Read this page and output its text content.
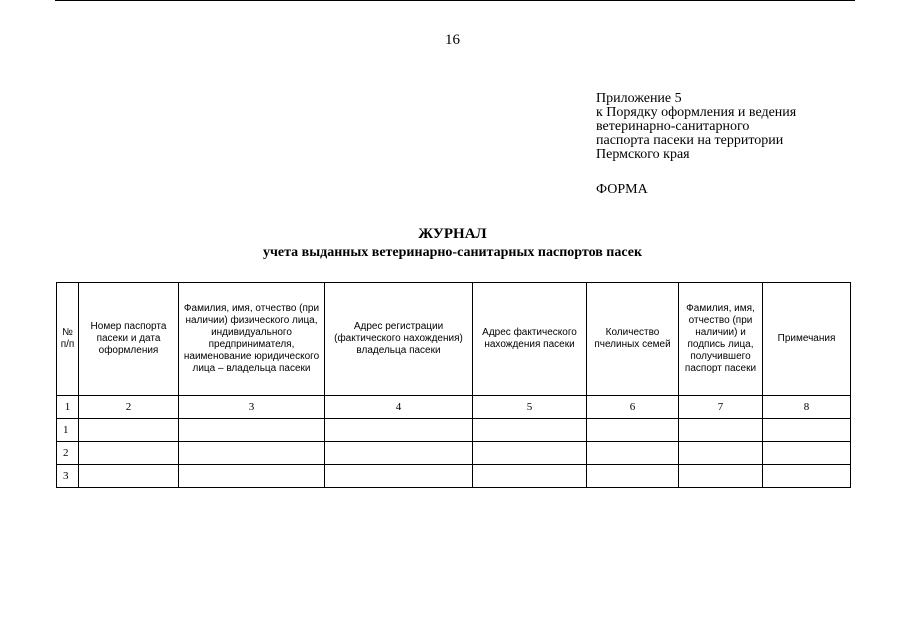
16
Приложение 5
к Порядку оформления и ведения
ветеринарно-санитарного
паспорта пасеки на территории
Пермского края
ФОРМА
ЖУРНАЛ
учета выданных ветеринарно-санитарных паспортов пасек
№ п/п	Номер паспорта пасеки и дата оформления	Фамилия, имя, отчество (при наличии) физического лица, индивидуального предпринимателя, наименование юридического лица – владельца пасеки	Адрес регистрации (фактического нахождения) владельца пасеки	Адрес фактического нахождения пасеки	Количество пчелиных семей	Фамилия, имя, отчество (при наличии) и подпись лица, получившего паспорт пасеки	Примечания
1	2	3	4	5	6	7	8
1							
2							
3							
